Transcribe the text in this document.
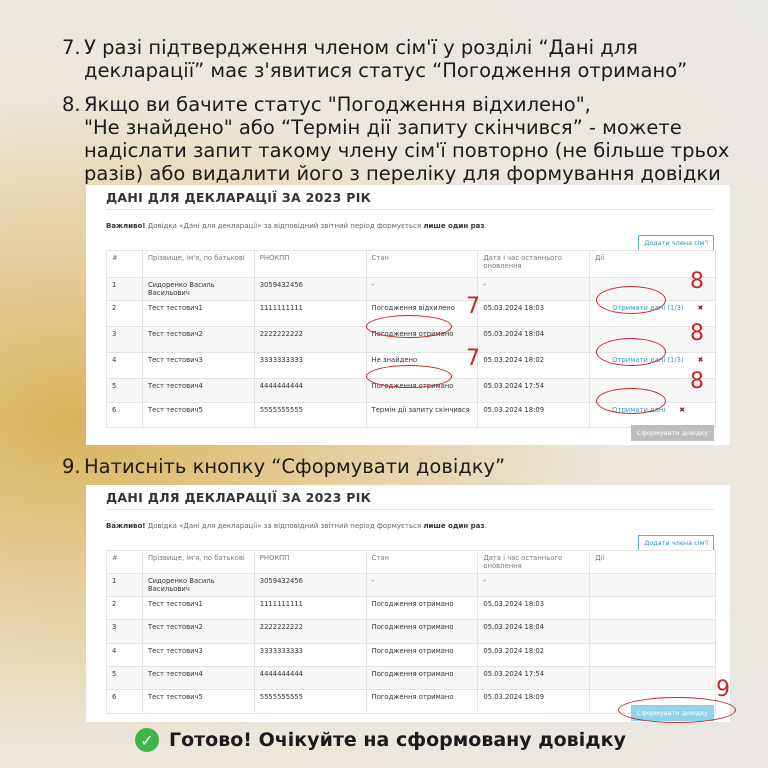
7. У разі підтвердження членом сім'ї у розділі “Дані для
декларації” має з'явитися статус “Погодження отримано”
8. Якщо ви бачите статус "Погодження відхилено",
"Не знайдено" або “Термін дії запиту скінчився” - можете
надіслати запит такому члену сім'ї повторно (не більше трьох
разів) або видалити його з переліку для формування довідки
ДАНІ ДЛЯ ДЕКЛАРАЦІЇ ЗА 2023 РІК
Важливо! Довідка «Дані для декларації» за відповідний звітний період формується лише один раз.
Додати члена сім'ї
#	Прізвище, ім'я, по батькові	РНОКПП	Стан	Дата і час останнього оновлення	Дії
1	Сидоренко Василь Васильович	3059432456	-	-	
2	Тест тестович1	1111111111	Погодження відхилено	05.03.2024 18:03	Отримати дані (1/3) ✖
3	Тест тестович2	2222222222	Погодження отримано	05.03.2024 18:04	
4	Тест тестович3	3333333333	Не знайдено	05.03.2024 18:02	Отримати дані (1/3) ✖
5	Тест тестович4	4444444444	Погодження отримано	05.03.2024 17:54	
6	Тест тестович5	5555555555	Термін дії запиту скінчився	05.03.2024 18:09	Отримати дані ✖
Сформувати довідку
8
7
8
7
8
9. Натисніть кнопку “Сформувати довідку”
ДАНІ ДЛЯ ДЕКЛАРАЦІЇ ЗА 2023 РІК
Важливо! Довідка «Дані для декларації» за відповідний звітний період формується лише один раз.
Додати члена сім'ї
#	Прізвище, ім'я, по батькові	РНОКПП	Стан	Дата і час останнього оновлення	Дії
1	Сидоренко Василь Васильович	3059432456	-	-	
2	Тест тестович1	1111111111	Погодження отримано	05.03.2024 18:03	
3	Тест тестович2	2222222222	Погодження отримано	05.03.2024 18:04	
4	Тест тестович3	3333333333	Погодження отримано	05.03.2024 18:02	
5	Тест тестович4	4444444444	Погодження отримано	05.03.2024 17:54	
6	Тест тестович5	5555555555	Погодження отримано	05.03.2024 18:09	
Сформувати довідку
9
✓ Готово! Очікуйте на сформовану довідку
